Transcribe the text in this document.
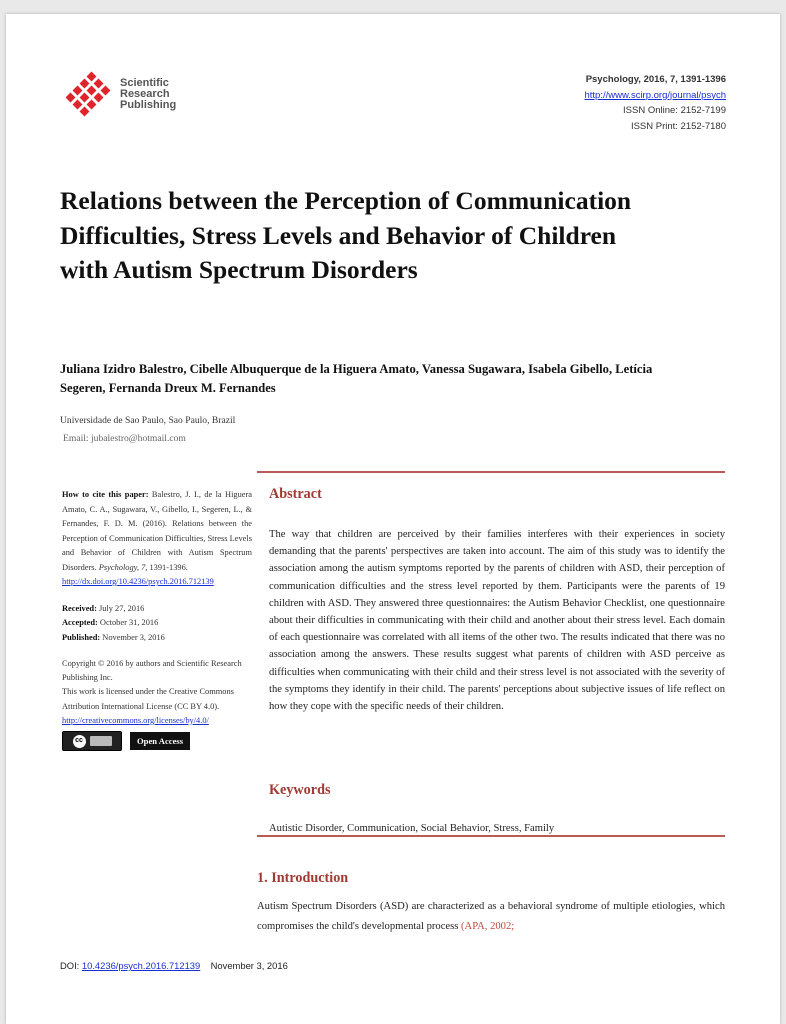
Scientific
Research
Publishing
Psychology, 2016, 7, 1391-1396
http://www.scirp.org/journal/psych
ISSN Online: 2152-7199
ISSN Print: 2152-7180
Relations between the Perception of Communication Difficulties, Stress Levels and Behavior of Children with Autism Spectrum Disorders
Juliana Izidro Balestro, Cibelle Albuquerque de la Higuera Amato, Vanessa Sugawara, Isabela Gibello, Letícia Segeren, Fernanda Dreux M. Fernandes
Universidade de Sao Paulo, Sao Paulo, Brazil
Email: jubalestro@hotmail.com
How to cite this paper: Balestro, J. I., de la Higuera Amato, C. A., Sugawara, V., Gibello, I., Segeren, L., & Fernandes, F. D. M. (2016). Relations between the Perception of Communication Difficulties, Stress Levels and Behavior of Children with Autism Spectrum Disorders. Psychology, 7, 1391-1396.
http://dx.doi.org/10.4236/psych.2016.712139
Received: July 27, 2016
Accepted: October 31, 2016
Published: November 3, 2016
Copyright © 2016 by authors and Scientific Research Publishing Inc.
This work is licensed under the Creative Commons Attribution International License (CC BY 4.0).
http://creativecommons.org/licenses/by/4.0/
cc	Open Access
Abstract

The way that children are perceived by their families interferes with their experiences in society demanding that the parents' perspectives are taken into account. The aim of this study was to identify the association among the autism symptoms reported by the parents of children with ASD, their perception of communication difficulties and the stress level reported by them. Participants were the parents of 19 children with ASD. They answered three questionnaires: the Autism Behavior Checklist, one questionnaire about their difficulties in communicating with their child and another about their stress level. Each domain of each questionnaire was correlated with all items of the other two. The results indicated that there was no association among the answers. These results suggest what parents of children with ASD perceive as difficulties when communicating with their child and their stress level is not associated with the severity of the symptoms they identify in their child. The parents' perceptions about subjective issues of life reflect on how they cope with the specific needs of their children.

Keywords

Autistic Disorder, Communication, Social Behavior, Stress, Family

1. Introduction

Autism Spectrum Disorders (ASD) are characterized as a behavioral syndrome of multiple etiologies, which compromises the child's developmental process (APA, 2002;

DOI: 10.4236/psych.2016.712139 November 3, 2016
